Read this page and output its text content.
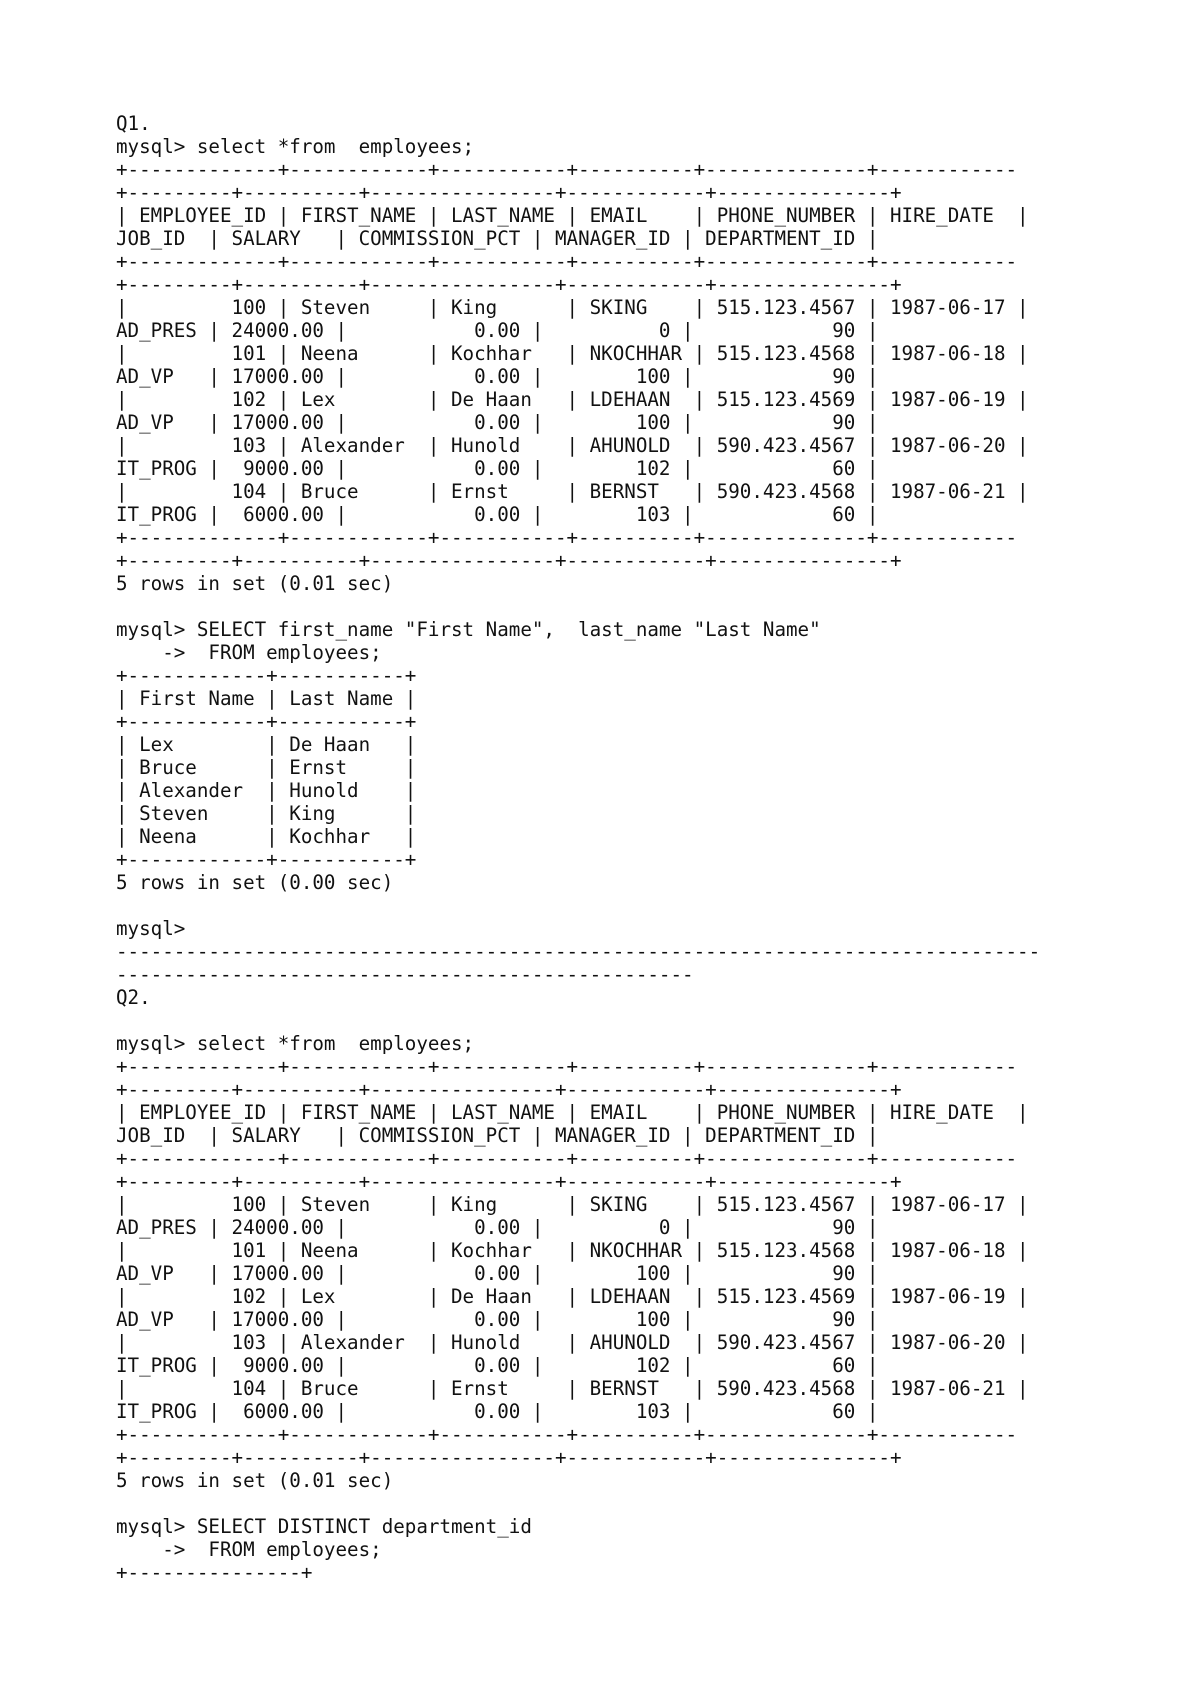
Q1.
mysql> select *from  employees;
+-------------+------------+-----------+----------+--------------+------------
+---------+----------+----------------+------------+---------------+
| EMPLOYEE_ID | FIRST_NAME | LAST_NAME | EMAIL    | PHONE_NUMBER | HIRE_DATE  |
JOB_ID  | SALARY   | COMMISSION_PCT | MANAGER_ID | DEPARTMENT_ID |
+-------------+------------+-----------+----------+--------------+------------
+---------+----------+----------------+------------+---------------+
|         100 | Steven     | King      | SKING    | 515.123.4567 | 1987-06-17 |
AD_PRES | 24000.00 |           0.00 |          0 |            90 |
|         101 | Neena      | Kochhar   | NKOCHHAR | 515.123.4568 | 1987-06-18 |
AD_VP   | 17000.00 |           0.00 |        100 |            90 |
|         102 | Lex        | De Haan   | LDEHAAN  | 515.123.4569 | 1987-06-19 |
AD_VP   | 17000.00 |           0.00 |        100 |            90 |
|         103 | Alexander  | Hunold    | AHUNOLD  | 590.423.4567 | 1987-06-20 |
IT_PROG |  9000.00 |           0.00 |        102 |            60 |
|         104 | Bruce      | Ernst     | BERNST   | 590.423.4568 | 1987-06-21 |
IT_PROG |  6000.00 |           0.00 |        103 |            60 |
+-------------+------------+-----------+----------+--------------+------------
+---------+----------+----------------+------------+---------------+
5 rows in set (0.01 sec)
mysql> SELECT first_name "First Name",  last_name "Last Name"
->  FROM employees;
+------------+-----------+
| First Name | Last Name |
+------------+-----------+
| Lex        | De Haan   |
| Bruce      | Ernst     |
| Alexander  | Hunold    |
| Steven     | King      |
| Neena      | Kochhar   |
+------------+-----------+
5 rows in set (0.00 sec)
mysql>
--------------------------------------------------------------------------------
--------------------------------------------------
Q2.
mysql> select *from  employees;
+-------------+------------+-----------+----------+--------------+------------
+---------+----------+----------------+------------+---------------+
| EMPLOYEE_ID | FIRST_NAME | LAST_NAME | EMAIL    | PHONE_NUMBER | HIRE_DATE  |
JOB_ID  | SALARY   | COMMISSION_PCT | MANAGER_ID | DEPARTMENT_ID |
+-------------+------------+-----------+----------+--------------+------------
+---------+----------+----------------+------------+---------------+
|         100 | Steven     | King      | SKING    | 515.123.4567 | 1987-06-17 |
AD_PRES | 24000.00 |           0.00 |          0 |            90 |
|         101 | Neena      | Kochhar   | NKOCHHAR | 515.123.4568 | 1987-06-18 |
AD_VP   | 17000.00 |           0.00 |        100 |            90 |
|         102 | Lex        | De Haan   | LDEHAAN  | 515.123.4569 | 1987-06-19 |
AD_VP   | 17000.00 |           0.00 |        100 |            90 |
|         103 | Alexander  | Hunold    | AHUNOLD  | 590.423.4567 | 1987-06-20 |
IT_PROG |  9000.00 |           0.00 |        102 |            60 |
|         104 | Bruce      | Ernst     | BERNST   | 590.423.4568 | 1987-06-21 |
IT_PROG |  6000.00 |           0.00 |        103 |            60 |
+-------------+------------+-----------+----------+--------------+------------
+---------+----------+----------------+------------+---------------+
5 rows in set (0.01 sec)
mysql> SELECT DISTINCT department_id
->  FROM employees;
+---------------+
